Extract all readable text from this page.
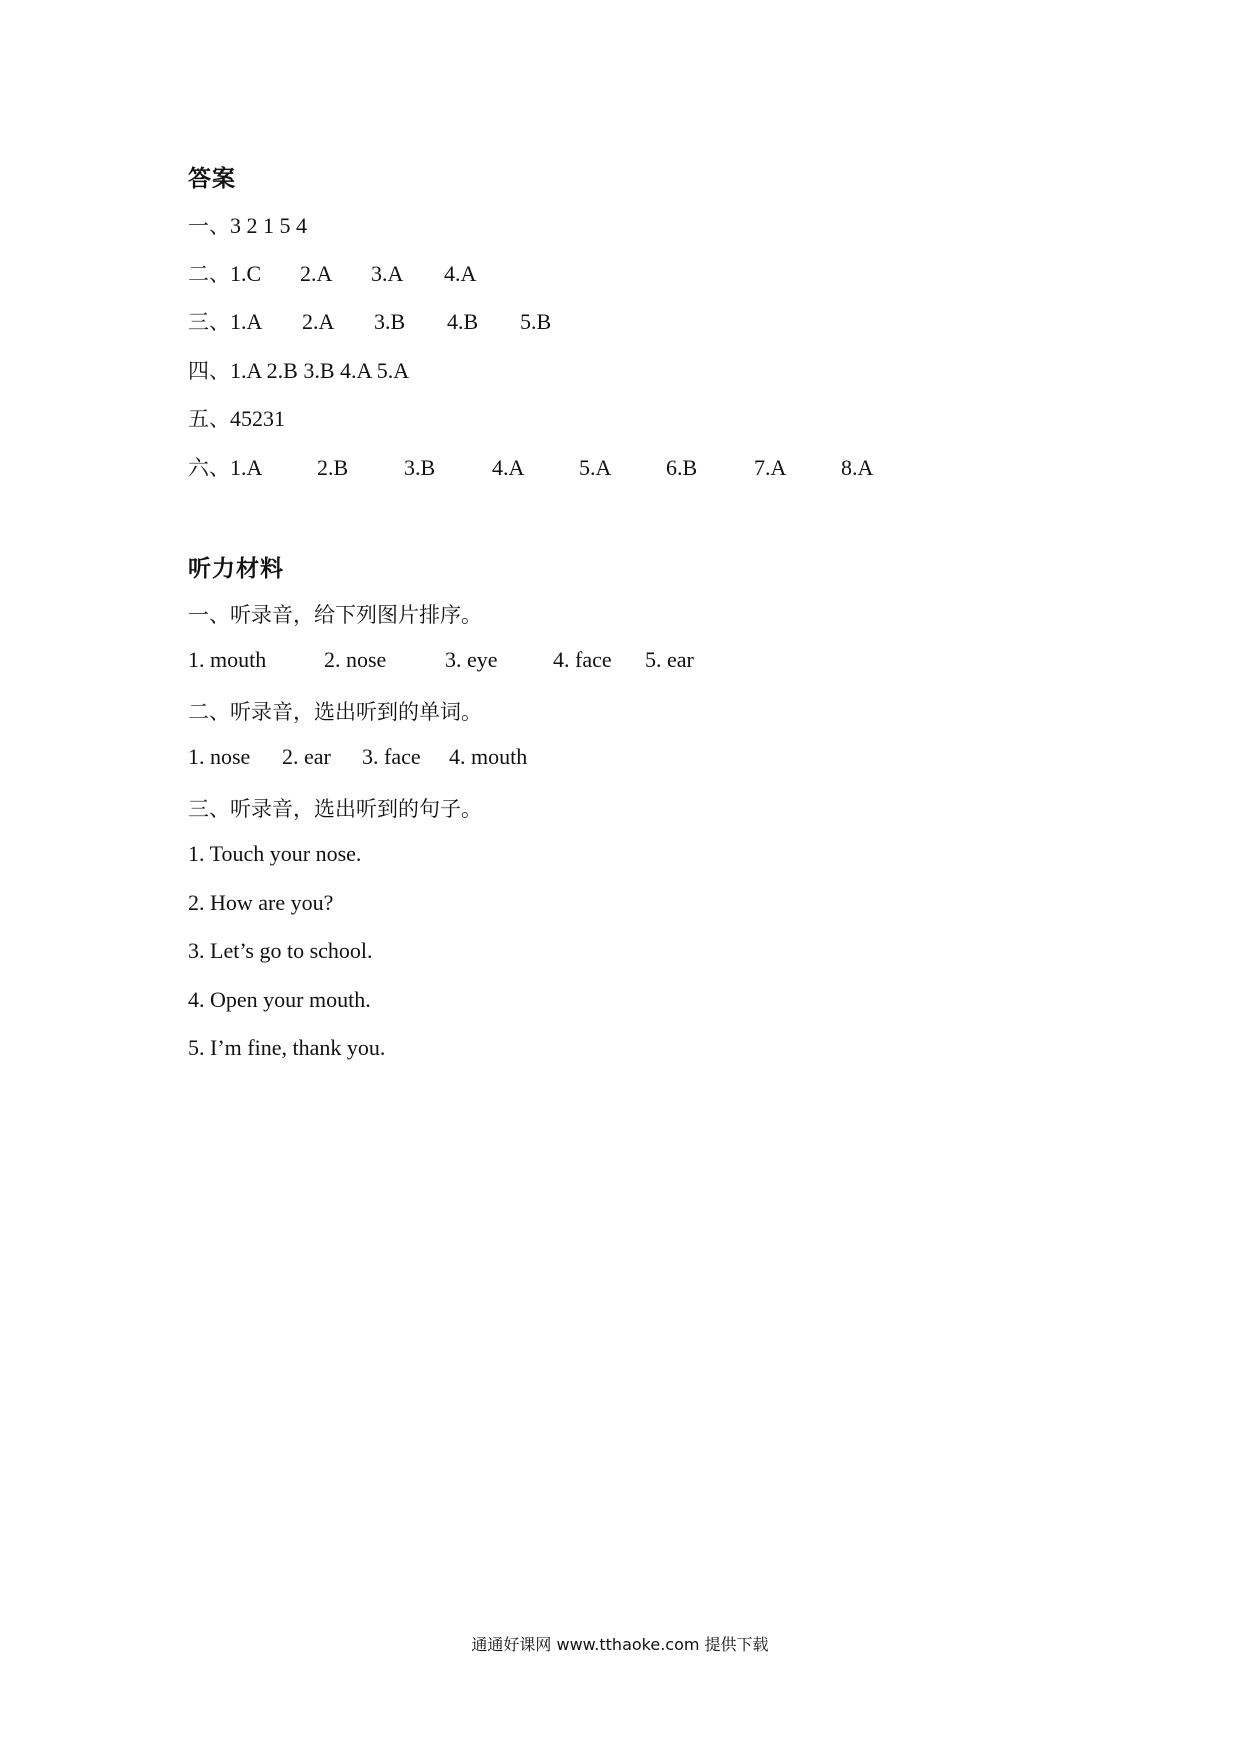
答案
一、3 2 1 5 4
二、1.C 2.A 3.A 4.A
三、1.A 2.A 3.B 4.B 5.B
四、1.A 2.B 3.B 4.A 5.A
五、45231
六、1.A 2.B	3.B	4.A 5.A 6.B	7.A 8.A
听力材料
一、听录音，给下列图片排序。
1. mouth	2. nose	3. eye	4. face 5. ear
二、听录音，选出听到的单词。
1. nose 2. ear 3. face 4. mouth
三、听录音，选出听到的句子。
1. Touch your nose.
2. How are you?
3. Let’s go to school.
4. Open your mouth.
5. I’m fine, thank you.
通通好课网 www.tthaoke.com 提供下载
